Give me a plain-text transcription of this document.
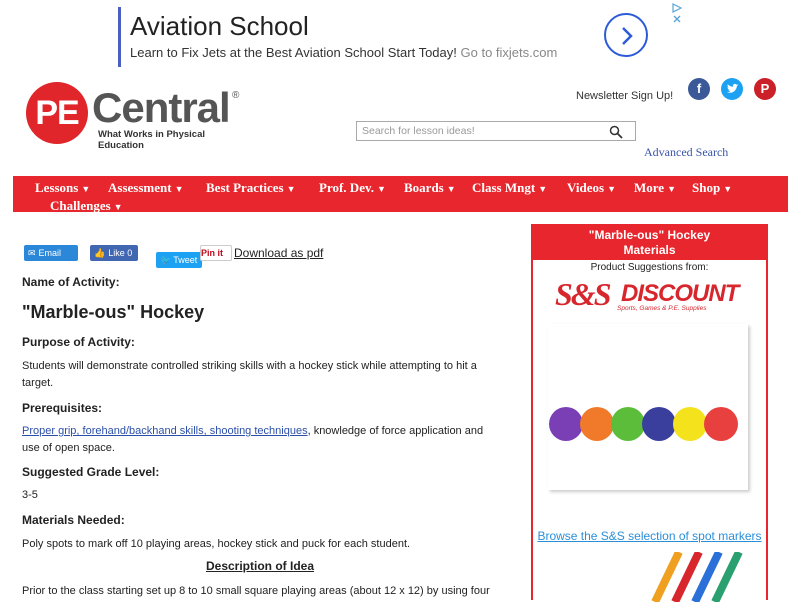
Aviation School
Learn to Fix Jets at the Best Aviation School Start Today! Go to fixjets.com
PE Central ®
What Works in Physical Education
Newsletter Sign Up!	f	P
Search for lesson ideas!
Advanced Search
Lessons ▼ Assessment ▼ Best Practices ▼ Prof. Dev. ▼ Boards ▼ Class Mngt ▼ Videos ▼ More ▼ Shop ▼
Challenges ▼
✉ Email	👍 Like 0
🐦 Tweet
Pin it Download as pdf
Name of Activity:
"Marble-ous" Hockey
Purpose of Activity:
Students will demonstrate controlled striking skills with a hockey stick while attempting to hit a target.
Prerequisites:
Proper grip, forehand/backhand skills, shooting techniques, knowledge of force application and use of open space.
Suggested Grade Level:
3-5
Materials Needed:
Poly spots to mark off 10 playing areas, hockey stick and puck for each student.
Description of Idea
Prior to the class starting set up 8 to 10 small square playing areas (about 12 x 12) by using four
"Marble-ous" Hockey
Materials
Product Suggestions from:
S&S DISCOUNT
Sports, Games & P.E. Supplies
Browse the S&S selection of spot markers
